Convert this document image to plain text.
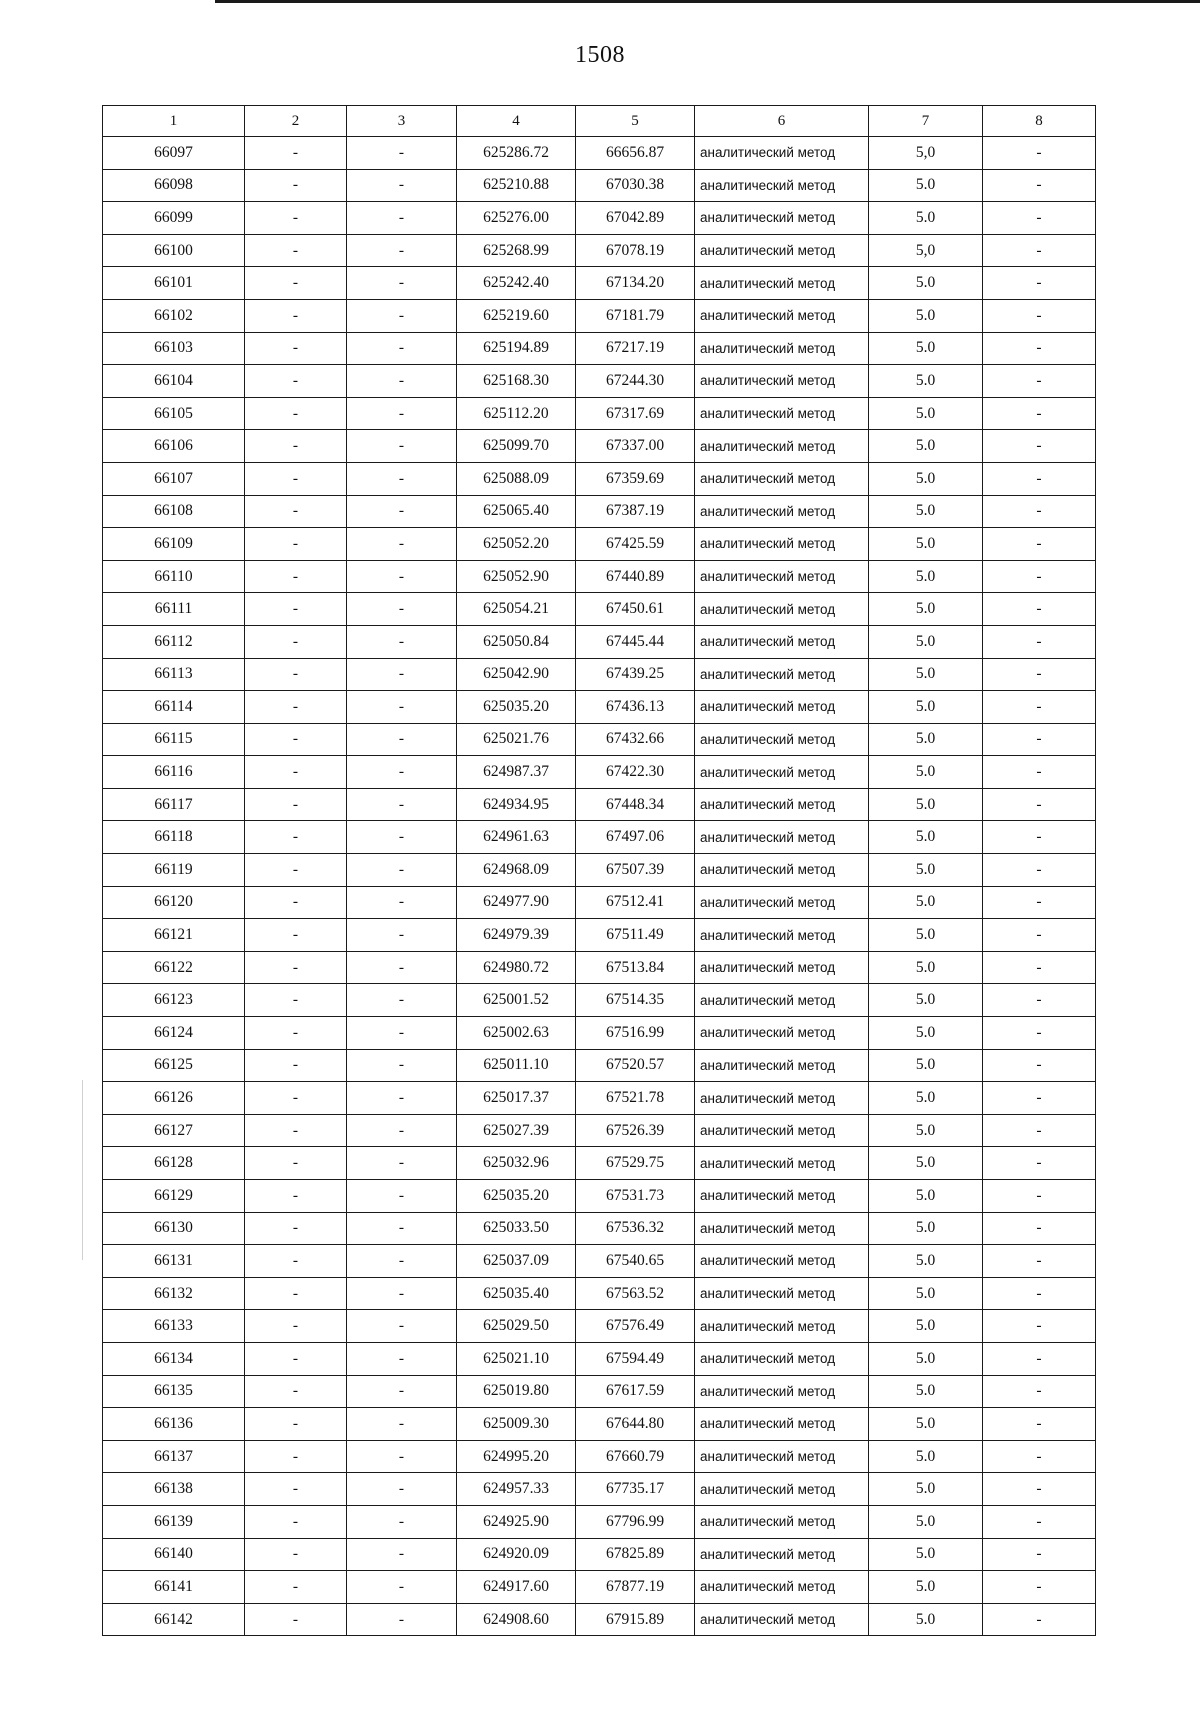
1508
1	2	3	4	5	6	7	8
66097	-	-	625286.72	66656.87	аналитический метод	5,0	-
66098	-	-	625210.88	67030.38	аналитический метод	5.0	-
66099	-	-	625276.00	67042.89	аналитический метод	5.0	-
66100	-	-	625268.99	67078.19	аналитический метод	5,0	-
66101	-	-	625242.40	67134.20	аналитический метод	5.0	-
66102	-	-	625219.60	67181.79	аналитический метод	5.0	-
66103	-	-	625194.89	67217.19	аналитический метод	5.0	-
66104	-	-	625168.30	67244.30	аналитический метод	5.0	-
66105	-	-	625112.20	67317.69	аналитический метод	5.0	-
66106	-	-	625099.70	67337.00	аналитический метод	5.0	-
66107	-	-	625088.09	67359.69	аналитический метод	5.0	-
66108	-	-	625065.40	67387.19	аналитический метод	5.0	-
66109	-	-	625052.20	67425.59	аналитический метод	5.0	-
66110	-	-	625052.90	67440.89	аналитический метод	5.0	-
66111	-	-	625054.21	67450.61	аналитический метод	5.0	-
66112	-	-	625050.84	67445.44	аналитический метод	5.0	-
66113	-	-	625042.90	67439.25	аналитический метод	5.0	-
66114	-	-	625035.20	67436.13	аналитический метод	5.0	-
66115	-	-	625021.76	67432.66	аналитический метод	5.0	-
66116	-	-	624987.37	67422.30	аналитический метод	5.0	-
66117	-	-	624934.95	67448.34	аналитический метод	5.0	-
66118	-	-	624961.63	67497.06	аналитический метод	5.0	-
66119	-	-	624968.09	67507.39	аналитический метод	5.0	-
66120	-	-	624977.90	67512.41	аналитический метод	5.0	-
66121	-	-	624979.39	67511.49	аналитический метод	5.0	-
66122	-	-	624980.72	67513.84	аналитический метод	5.0	-
66123	-	-	625001.52	67514.35	аналитический метод	5.0	-
66124	-	-	625002.63	67516.99	аналитический метод	5.0	-
66125	-	-	625011.10	67520.57	аналитический метод	5.0	-
66126	-	-	625017.37	67521.78	аналитический метод	5.0	-
66127	-	-	625027.39	67526.39	аналитический метод	5.0	-
66128	-	-	625032.96	67529.75	аналитический метод	5.0	-
66129	-	-	625035.20	67531.73	аналитический метод	5.0	-
66130	-	-	625033.50	67536.32	аналитический метод	5.0	-
66131	-	-	625037.09	67540.65	аналитический метод	5.0	-
66132	-	-	625035.40	67563.52	аналитический метод	5.0	-
66133	-	-	625029.50	67576.49	аналитический метод	5.0	-
66134	-	-	625021.10	67594.49	аналитический метод	5.0	-
66135	-	-	625019.80	67617.59	аналитический метод	5.0	-
66136	-	-	625009.30	67644.80	аналитический метод	5.0	-
66137	-	-	624995.20	67660.79	аналитический метод	5.0	-
66138	-	-	624957.33	67735.17	аналитический метод	5.0	-
66139	-	-	624925.90	67796.99	аналитический метод	5.0	-
66140	-	-	624920.09	67825.89	аналитический метод	5.0	-
66141	-	-	624917.60	67877.19	аналитический метод	5.0	-
66142	-	-	624908.60	67915.89	аналитический метод	5.0	-
